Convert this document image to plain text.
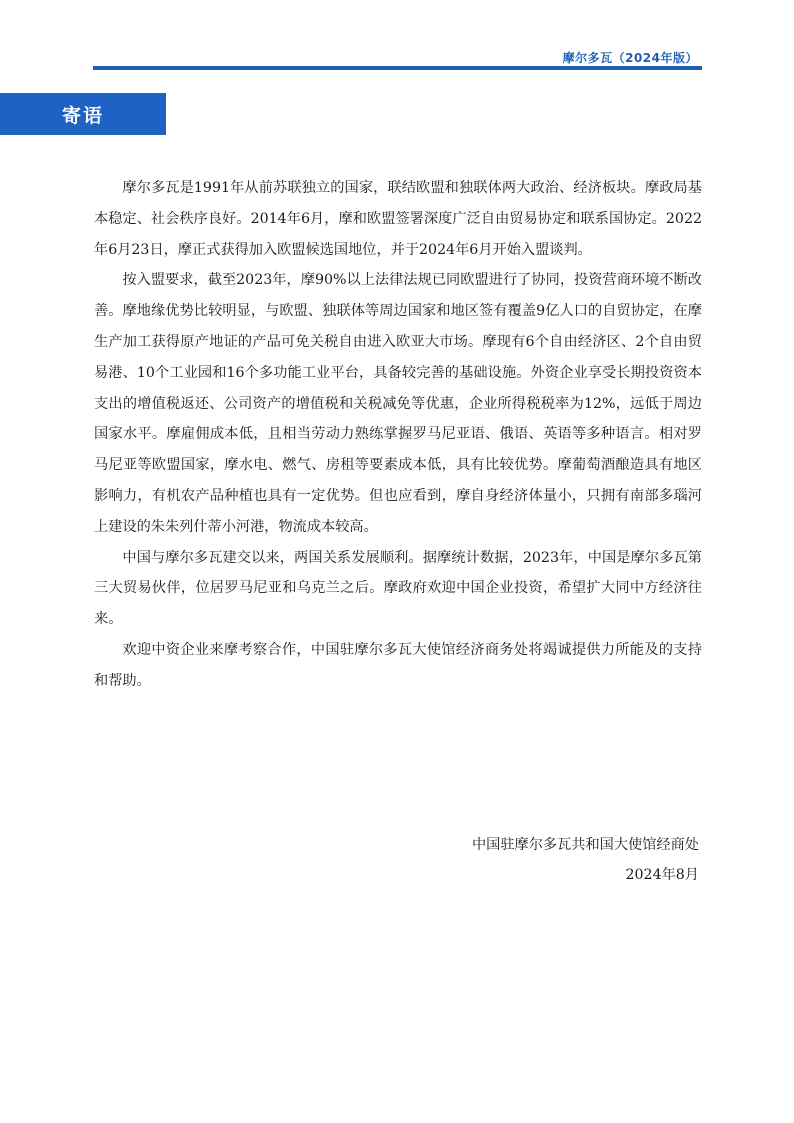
摩尔多瓦（2024年版）
寄语

摩尔多瓦是1991年从前苏联独立的国家，联结欧盟和独联体两大政治、经济板块。摩政局基本稳定、社会秩序良好。2014年6月，摩和欧盟签署深度广泛自由贸易协定和联系国协定。2022年6月23日，摩正式获得加入欧盟候选国地位，并于2024年6月开始入盟谈判。

按入盟要求，截至2023年，摩90%以上法律法规已同欧盟进行了协同，投资营商环境不断改善。摩地缘优势比较明显，与欧盟、独联体等周边国家和地区签有覆盖9亿人口的自贸协定，在摩生产加工获得原产地证的产品可免关税自由进入欧亚大市场。摩现有6个自由经济区、2个自由贸易港、10个工业园和16个多功能工业平台，具备较完善的基础设施。外资企业享受长期投资资本支出的增值税返还、公司资产的增值税和关税减免等优惠，企业所得税税率为12%，远低于周边国家水平。摩雇佣成本低，且相当劳动力熟练掌握罗马尼亚语、俄语、英语等多种语言。相对罗马尼亚等欧盟国家，摩水电、燃气、房租等要素成本低，具有比较优势。摩葡萄酒酿造具有地区影响力，有机农产品种植也具有一定优势。但也应看到，摩自身经济体量小，只拥有南部多瑙河上建设的朱朱列什蒂小河港，物流成本较高。

中国与摩尔多瓦建交以来，两国关系发展顺利。据摩统计数据，2023年，中国是摩尔多瓦第三大贸易伙伴，位居罗马尼亚和乌克兰之后。摩政府欢迎中国企业投资，希望扩大同中方经济往来。

欢迎中资企业来摩考察合作，中国驻摩尔多瓦大使馆经济商务处将竭诚提供力所能及的支持和帮助。

中国驻摩尔多瓦共和国大使馆经商处
2024年8月
